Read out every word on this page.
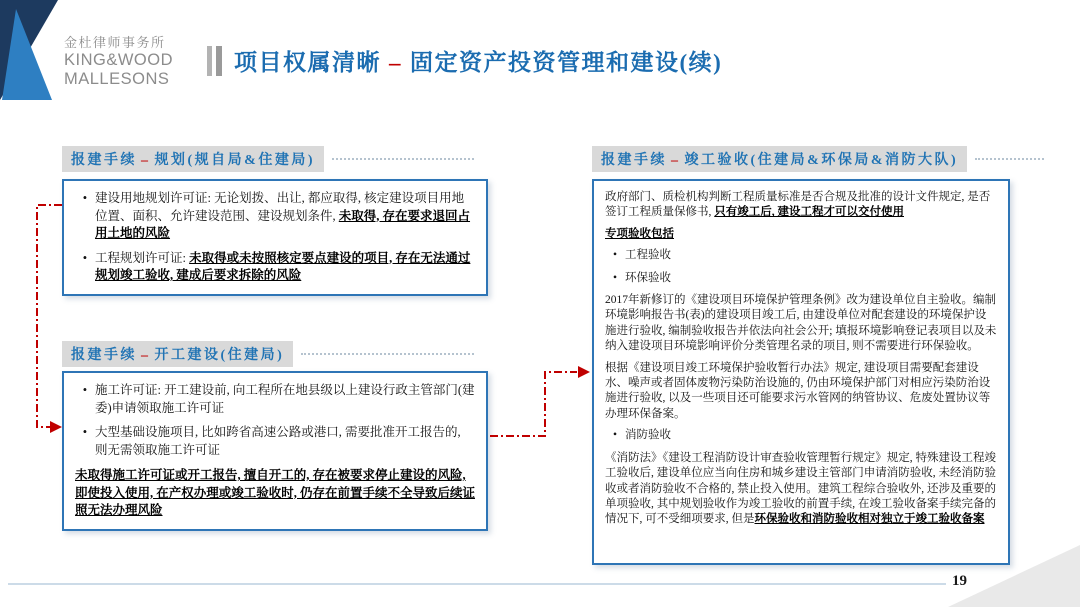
金杜律师事务所
KING&WOOD
MALLESONS
项目权属清晰 – 固定资产投资管理和建设(续)
报建手续 – 规划(规自局&住建局)
• 建设用地规划许可证: 无论划拨、出让, 都应取得, 核定建设项目用地位置、面积、允许建设范围、建设规划条件, 未取得, 存在要求退回占用土地的风险
• 工程规划许可证: 未取得或未按照核定要点建设的项目, 存在无法通过规划竣工验收, 建成后要求拆除的风险
报建手续 – 开工建设(住建局)
• 施工许可证: 开工建设前, 向工程所在地县级以上建设行政主管部门(建委)申请领取施工许可证
• 大型基础设施项目, 比如跨省高速公路或港口, 需要批准开工报告的, 则无需领取施工许可证
未取得施工许可证或开工报告, 擅自开工的, 存在被要求停止建设的风险, 即使投入使用, 在产权办理或竣工验收时, 仍存在前置手续不全导致后续证照无法办理风险
报建手续 – 竣工验收(住建局&环保局&消防大队)
政府部门、质检机构判断工程质量标准是否合规及批准的设计文件规定, 是否签订工程质量保修书, 只有竣工后, 建设工程才可以交付使用
专项验收包括
• 工程验收
• 环保验收
2017年新修订的《建设项目环境保护管理条例》改为建设单位自主验收。编制环境影响报告书(表)的建设项目竣工后, 由建设单位对配套建设的环境保护设施进行验收, 编制验收报告并依法向社会公开; 填报环境影响登记表项目以及未纳入建设项目环境影响评价分类管理名录的项目, 则不需要进行环保验收。
根据《建设项目竣工环境保护验收暂行办法》规定, 建设项目需要配套建设水、噪声或者固体废物污染防治设施的, 仍由环境保护部门对相应污染防治设施进行验收, 以及一些项目还可能要求污水管网的纳管协议、危废处置协议等办理环保备案。
• 消防验收
《消防法》《建设工程消防设计审查验收管理暂行规定》规定, 特殊建设工程竣工验收后, 建设单位应当向住房和城乡建设主管部门申请消防验收, 未经消防验收或者消防验收不合格的, 禁止投入使用。建筑工程综合验收外, 还涉及重要的单项验收, 其中规划验收作为竣工验收的前置手续, 在竣工验收备案手续完备的情况下, 可不受细项要求, 但是环保验收和消防验收相对独立于竣工验收备案
19
